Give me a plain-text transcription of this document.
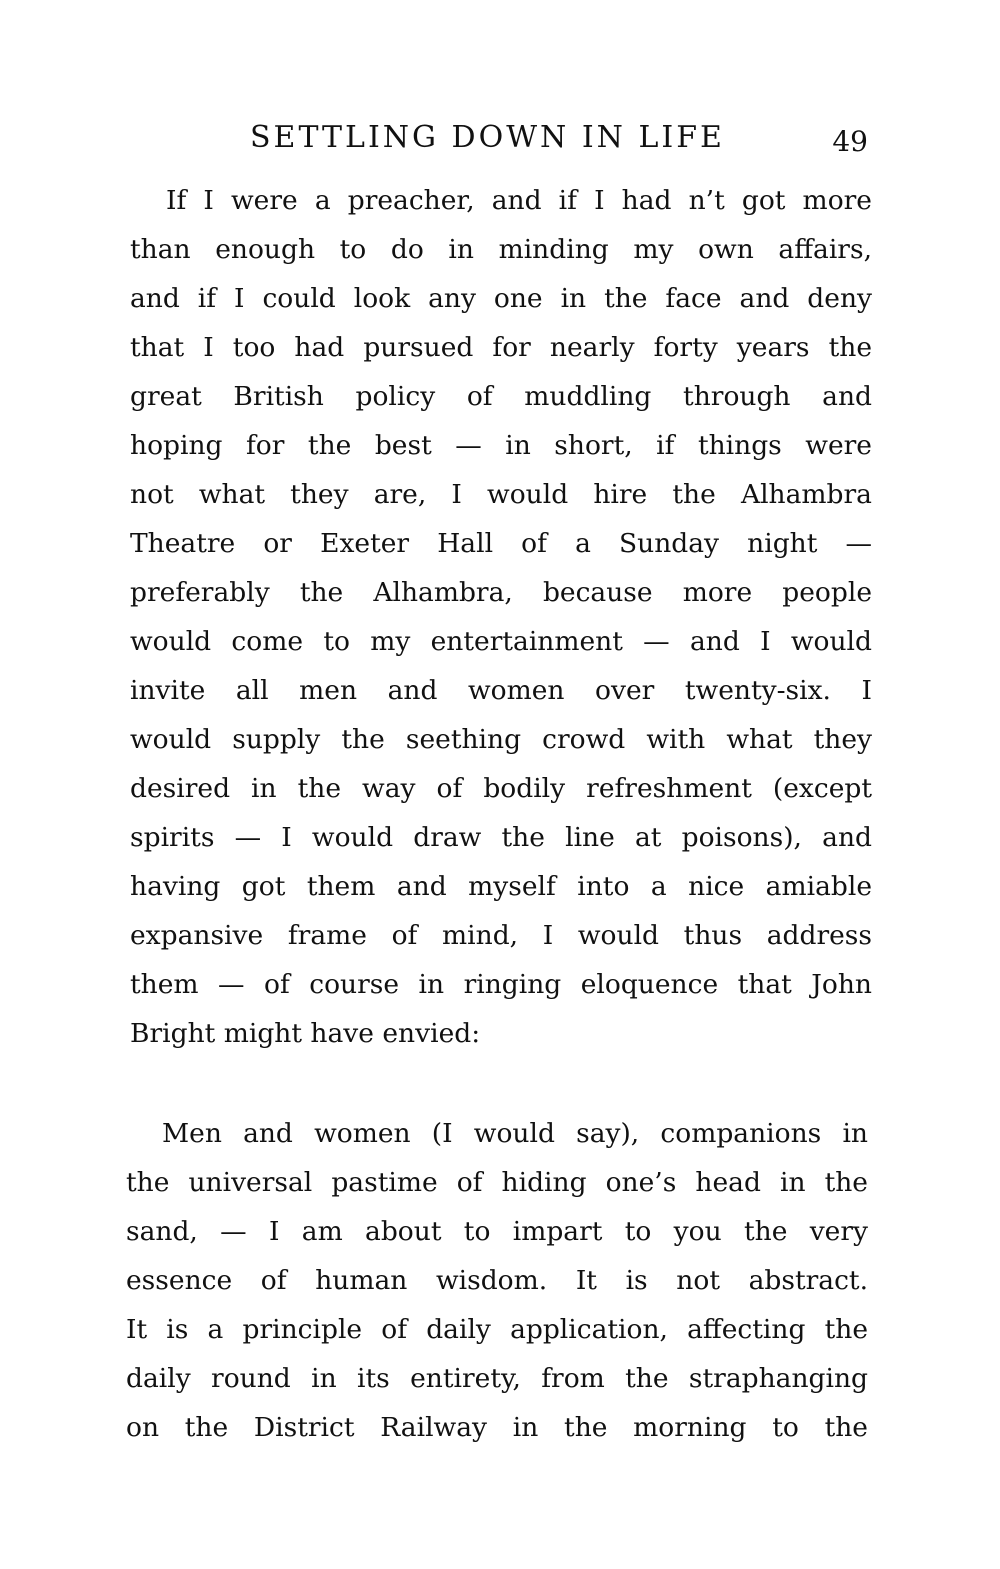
SETTLING DOWN IN LIFE	49
If I were a preacher, and if I had n’t got more
than enough to do in minding my own affairs,
and if I could look any one in the face and deny
that I too had pursued for nearly forty years the
great British policy of muddling through and
hoping for the best — in short, if things were
not what they are, I would hire the Alhambra
Theatre or Exeter Hall of a Sunday night —
preferably the Alhambra, because more people
would come to my entertainment — and I would
invite all men and women over twenty-six. I
would supply the seething crowd with what they
desired in the way of bodily refreshment (except
spirits — I would draw the line at poisons), and
having got them and myself into a nice amiable
expansive frame of mind, I would thus address
them — of course in ringing eloquence that John
Bright might have envied:
Men and women (I would say), companions in
the universal pastime of hiding one’s head in the
sand, — I am about to impart to you the very
essence of human wisdom. It is not abstract.
It is a principle of daily application, affecting the
daily round in its entirety, from the straphanging
on the District Railway in the morning to the
